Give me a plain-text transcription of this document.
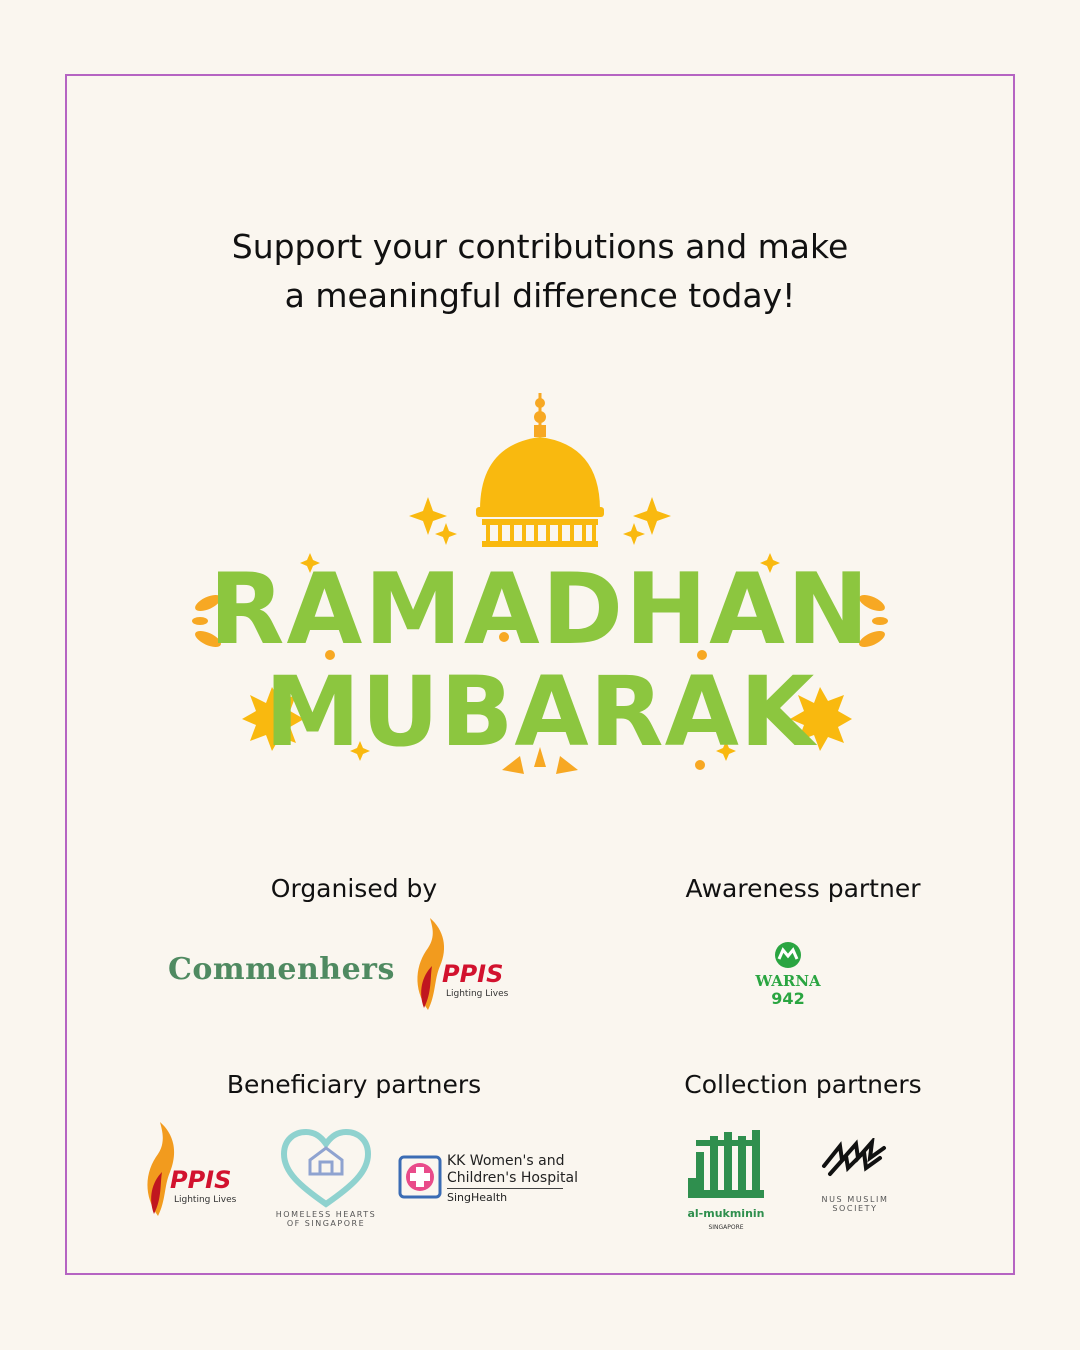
Support your contributions and make
a meaningful difference today!
RAMADHAN
MUBARAK
Organised by	Awareness partner
Beneficiary partners	Collection partners
Commenhers PPIS
Lighting Lives
WARNA
942
PPIS
Lighting Lives
HOMELESS HEARTS
OF SINGAPORE
KK Women's and
Children's Hospital
SingHealth
al-mukminin
SINGAPORE
NUS MUSLIM SOCIETY
